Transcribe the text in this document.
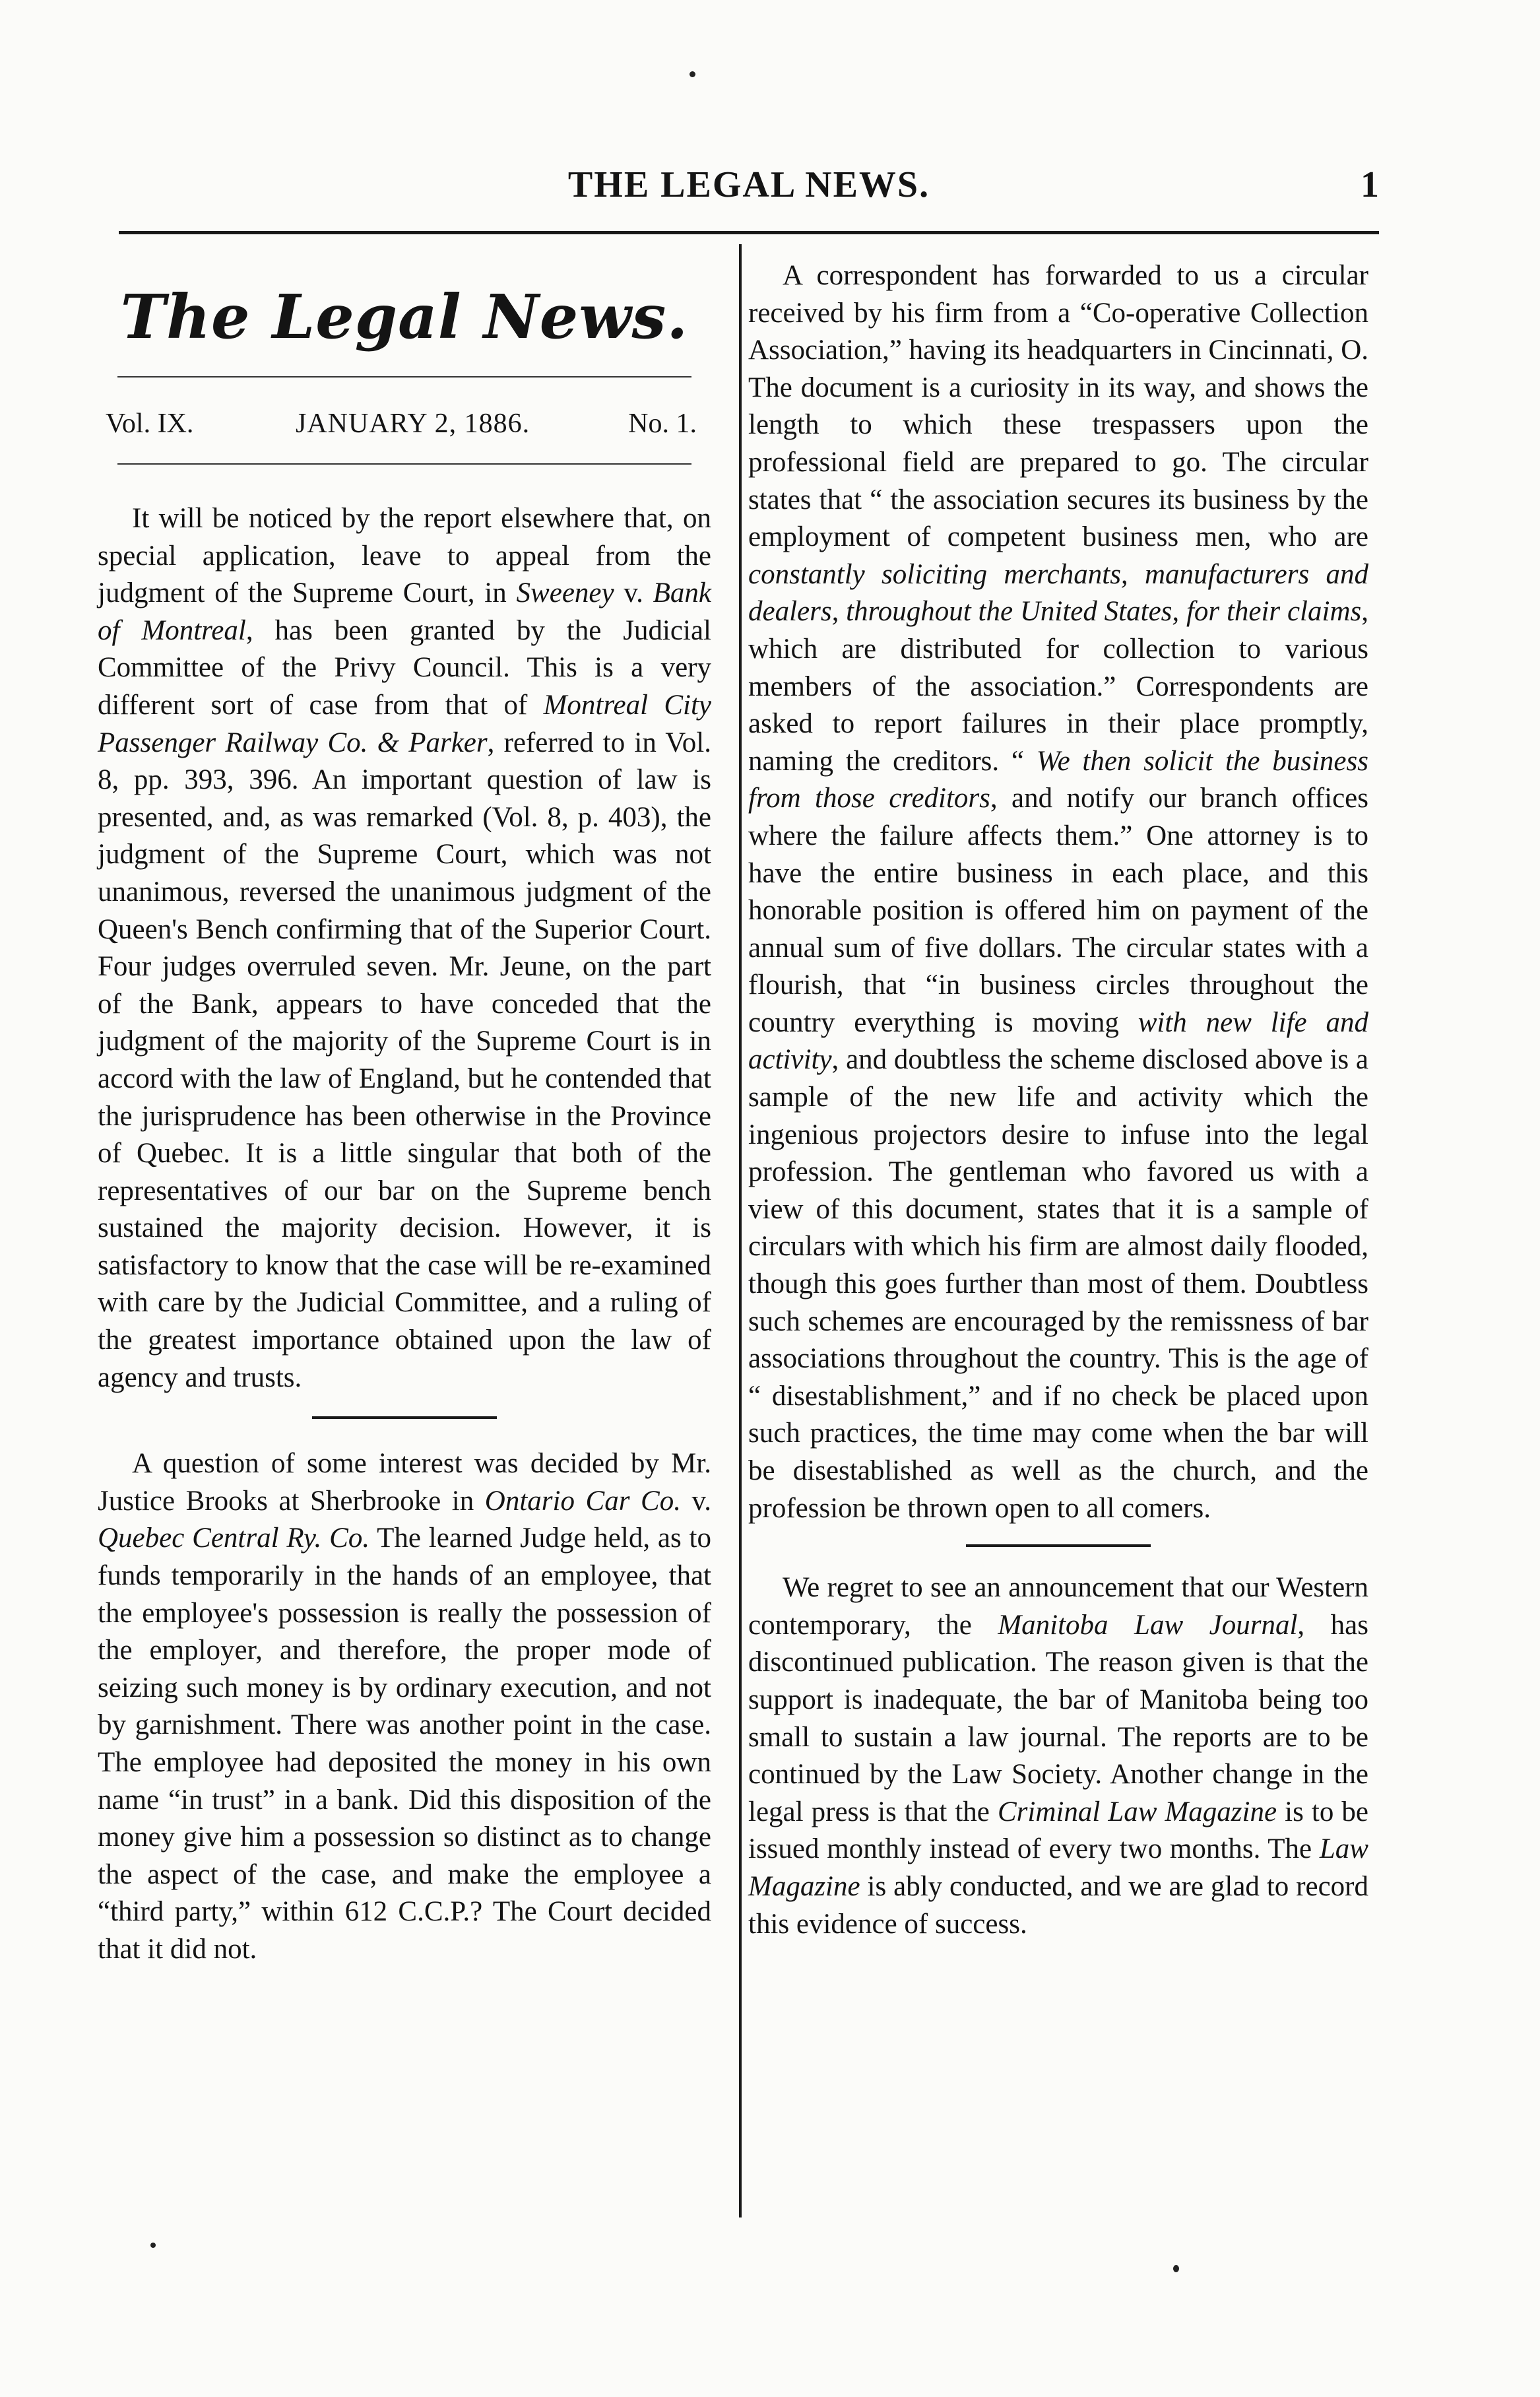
THE LEGAL NEWS.	1
The Legal News.
Vol. IX.	JANUARY 2, 1886.	No. 1.

It will be noticed by the report elsewhere that, on special application, leave to appeal from the judgment of the Supreme Court, in Sweeney v. Bank of Montreal, has been granted by the Judicial Committee of the Privy Council. This is a very different sort of case from that of Montreal City Passenger Railway Co. & Parker, referred to in Vol. 8, pp. 393, 396. An important question of law is presented, and, as was remarked (Vol. 8, p. 403), the judgment of the Supreme Court, which was not unanimous, reversed the unanimous judgment of the Queen's Bench confirming that of the Superior Court. Four judges overruled seven. Mr. Jeune, on the part of the Bank, appears to have conceded that the judgment of the majority of the Supreme Court is in accord with the law of England, but he contended that the jurisprudence has been otherwise in the Province of Quebec. It is a little singular that both of the representatives of our bar on the Supreme bench sustained the majority decision. However, it is satisfactory to know that the case will be re-examined with care by the Judicial Committee, and a ruling of the greatest importance obtained upon the law of agency and trusts.

A question of some interest was decided by Mr. Justice Brooks at Sherbrooke in Ontario Car Co. v. Quebec Central Ry. Co. The learned Judge held, as to funds temporarily in the hands of an employee, that the employee's possession is really the possession of the employer, and therefore, the proper mode of seizing such money is by ordinary execution, and not by garnishment. There was another point in the case. The employee had deposited the money in his own name “in trust” in a bank. Did this disposition of the money give him a possession so distinct as to change the aspect of the case, and make the employee a “third party,” within 612 C.C.P.? The Court decided that it did not.

A correspondent has forwarded to us a circular received by his firm from a “Co-operative Collection Association,” having its headquarters in Cincinnati, O. The document is a curiosity in its way, and shows the length to which these trespassers upon the professional field are prepared to go. The circular states that “ the association secures its business by the employment of competent business men, who are constantly soliciting merchants, manufacturers and dealers, throughout the United States, for their claims, which are distributed for collection to various members of the association.” Correspondents are asked to report failures in their place promptly, naming the creditors. “ We then solicit the business from those creditors, and notify our branch offices where the failure affects them.” One attorney is to have the entire business in each place, and this honorable position is offered him on payment of the annual sum of five dollars. The circular states with a flourish, that “in business circles throughout the country everything is moving with new life and activity, and doubtless the scheme disclosed above is a sample of the new life and activity which the ingenious projectors desire to infuse into the legal profession. The gentleman who favored us with a view of this document, states that it is a sample of circulars with which his firm are almost daily flooded, though this goes further than most of them. Doubtless such schemes are encouraged by the remissness of bar associations throughout the country. This is the age of “ disestablishment,” and if no check be placed upon such practices, the time may come when the bar will be disestablished as well as the church, and the profession be thrown open to all comers.

We regret to see an announcement that our Western contemporary, the Manitoba Law Journal, has discontinued publication. The reason given is that the support is inadequate, the bar of Manitoba being too small to sustain a law journal. The reports are to be continued by the Law Society. Another change in the legal press is that the Criminal Law Magazine is to be issued monthly instead of every two months. The Law Magazine is ably conducted, and we are glad to record this evidence of success.
